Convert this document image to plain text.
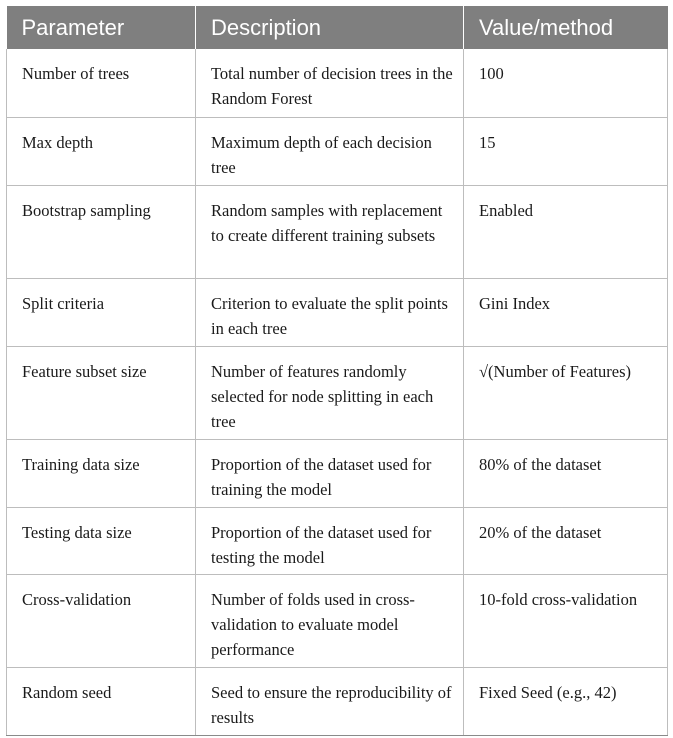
Parameter	Description	Value/method
Number of trees	Total number of decision trees in the Random Forest	100
Max depth	Maximum depth of each decision tree	15
Bootstrap sampling	Random samples with replacement to create different training subsets	Enabled
Split criteria	Criterion to evaluate the split points in each tree	Gini Index
Feature subset size	Number of features randomly selected for node splitting in each tree	√(Number of Features)
Training data size	Proportion of the dataset used for training the model	80% of the dataset
Testing data size	Proportion of the dataset used for testing the model	20% of the dataset
Cross-validation	Number of folds used in cross-validation to evaluate model performance	10-fold cross-validation
Random seed	Seed to ensure the reproducibility of results	Fixed Seed (e.g., 42)
